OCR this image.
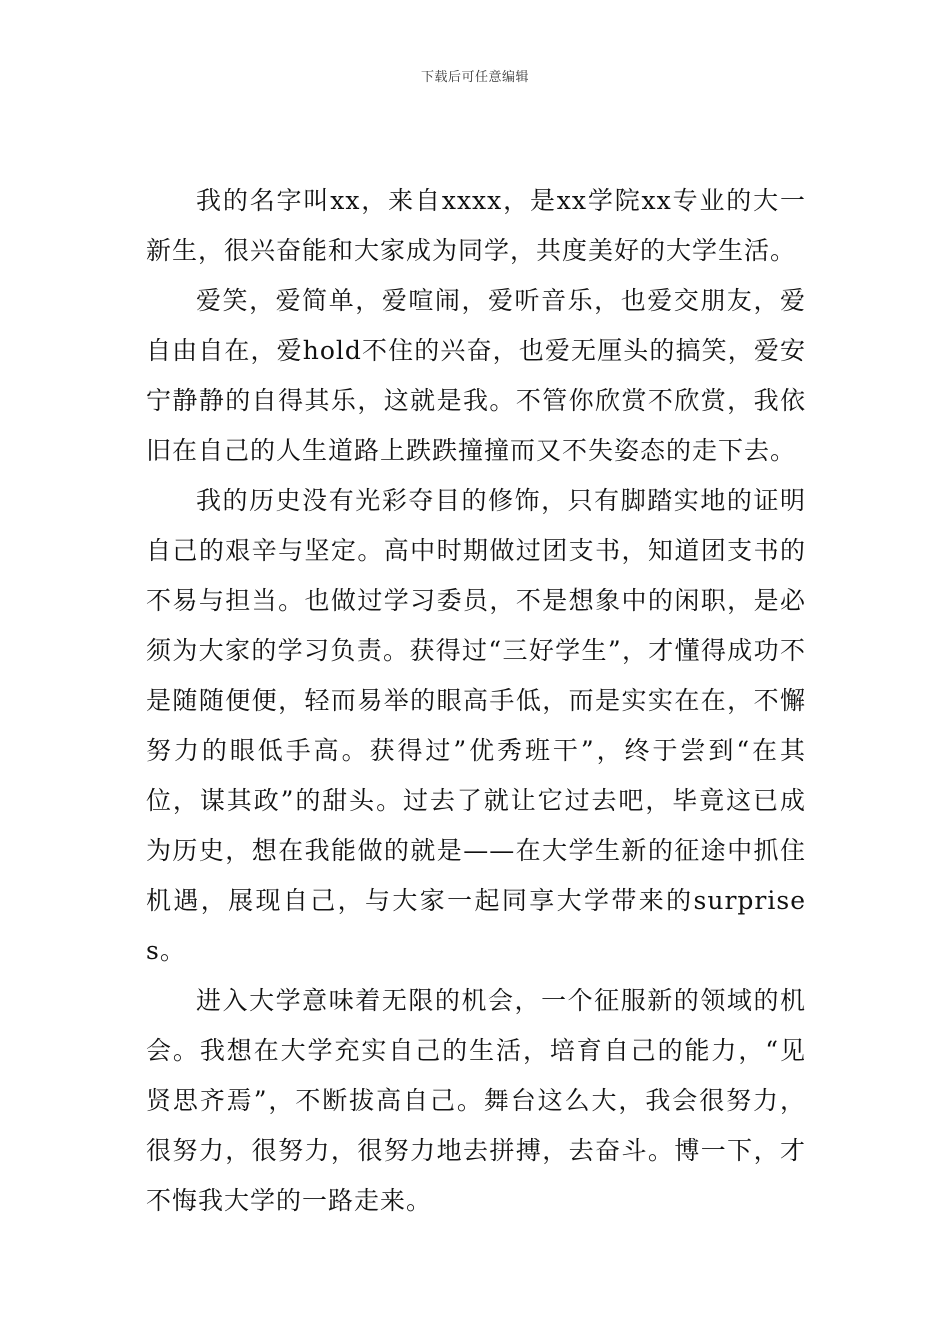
下载后可任意编辑

我的名字叫xx，来自xxxx，是xx学院xx专业的大一新生，很兴奋能和大家成为同学，共度美好的大学生活。

爱笑，爱简单，爱喧闹，爱听音乐，也爱交朋友，爱自由自在，爱hold不住的兴奋，也爱无厘头的搞笑，爱安宁静静的自得其乐，这就是我。不管你欣赏不欣赏，我依旧在自己的人生道路上跌跌撞撞而又不失姿态的走下去。

我的历史没有光彩夺目的修饰，只有脚踏实地的证明自己的艰辛与坚定。高中时期做过团支书，知道团支书的不易与担当。也做过学习委员，不是想象中的闲职，是必须为大家的学习负责。获得过“三好学生”，才懂得成功不是随随便便，轻而易举的眼高手低，而是实实在在，不懈努力的眼低手高。获得过”优秀班干”，终于尝到“在其位，谋其政”的甜头。过去了就让它过去吧，毕竟这已成为历史，想在我能做的就是——在大学生新的征途中抓住机遇，展现自己，与大家一起同享大学带来的surprises。

进入大学意味着无限的机会，一个征服新的领域的机会。我想在大学充实自己的生活，培育自己的能力，“见贤思齐焉”，不断拔高自己。舞台这么大，我会很努力，很努力，很努力，很努力地去拼搏，去奋斗。博一下，才不悔我大学的一路走来。
